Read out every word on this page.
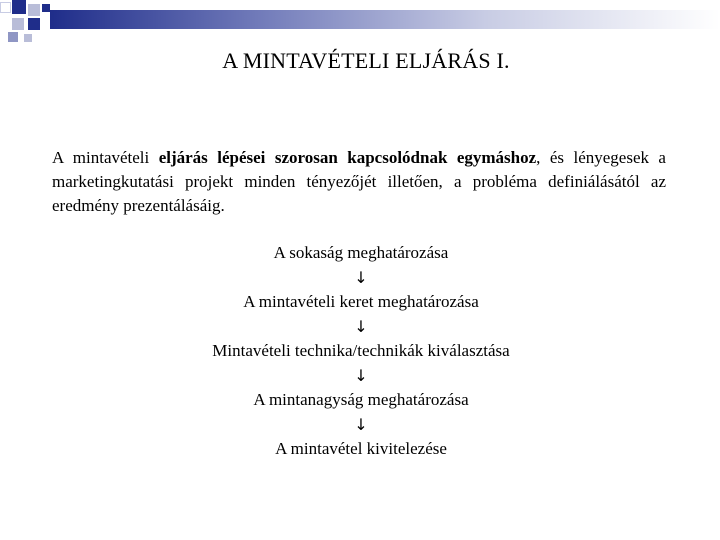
A MINTAVÉTELI ELJÁRÁS I.
A mintavételi eljárás lépései szorosan kapcsolódnak egymáshoz, és lényegesek a marketingkutatási projekt minden tényezőjét illetően, a probléma definiálásától az eredmény prezentálásáig.
A sokaság meghatározása
↓
A mintavételi keret meghatározása
↓
Mintavételi technika/technikák kiválasztása
↓
A mintanagyság meghatározása
↓
A mintavétel kivitelezése
